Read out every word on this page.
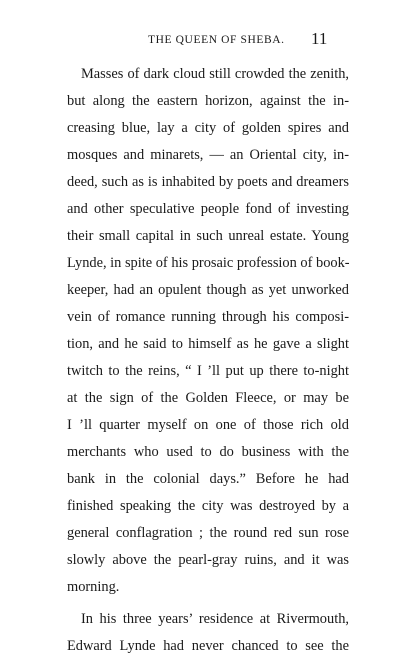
THE QUEEN OF SHEBA. 11
Masses of dark cloud still crowded the zenith,
but along the eastern horizon, against the in-
creasing blue, lay a city of golden spires and
mosques and minarets, — an Oriental city, in-
deed, such as is inhabited by poets and dreamers
and other speculative people fond of investing
their small capital in such unreal estate. Young
Lynde, in spite of his prosaic profession of book-
keeper, had an opulent though as yet unworked
vein of romance running through his composi-
tion, and he said to himself as he gave a slight
twitch to the reins, “ I ’ll put up there to-night
at the sign of the Golden Fleece, or may be
I ’ll quarter myself on one of those rich old
merchants who used to do business with the
bank in the colonial days.” Before he had
finished speaking the city was destroyed by a
general conflagration ; the round red sun rose
slowly above the pearl-gray ruins, and it was
morning.
In his three years’ residence at Rivermouth,
Edward Lynde had never chanced to see the
